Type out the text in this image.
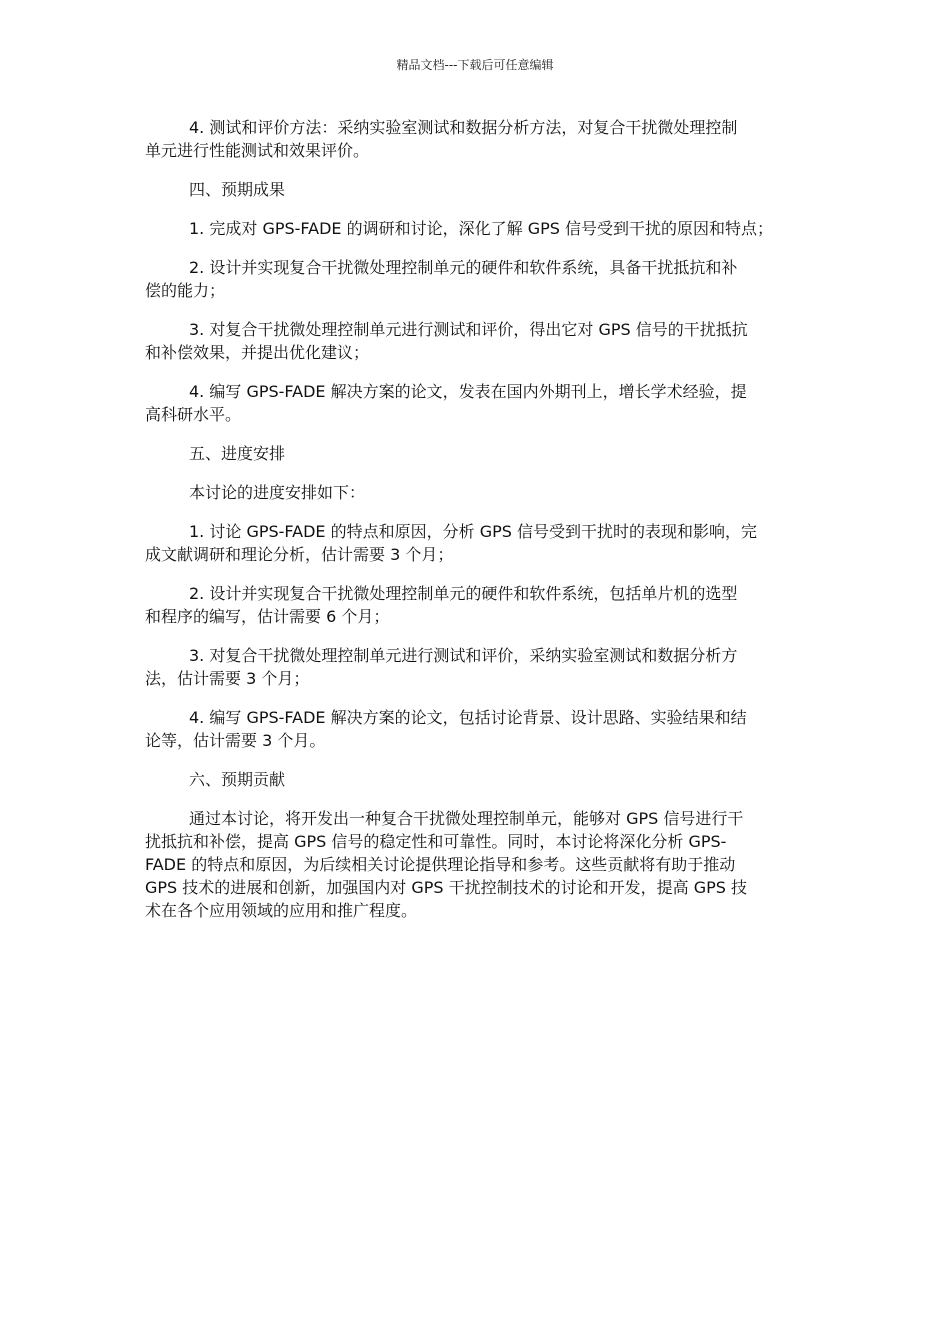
精品文档---下载后可任意编辑

4. 测试和评价方法：采纳实验室测试和数据分析方法，对复合干扰微处理控制
单元进行性能测试和效果评价。

四、预期成果

1. 完成对 GPS-FADE 的调研和讨论，深化了解 GPS 信号受到干扰的原因和特点；

2. 设计并实现复合干扰微处理控制单元的硬件和软件系统，具备干扰抵抗和补
偿的能力；

3. 对复合干扰微处理控制单元进行测试和评价，得出它对 GPS 信号的干扰抵抗
和补偿效果，并提出优化建议；

4. 编写 GPS-FADE 解决方案的论文，发表在国内外期刊上，增长学术经验，提
高科研水平。

五、进度安排

本讨论的进度安排如下：

1. 讨论 GPS-FADE 的特点和原因，分析 GPS 信号受到干扰时的表现和影响，完
成文献调研和理论分析，估计需要 3 个月；

2. 设计并实现复合干扰微处理控制单元的硬件和软件系统，包括单片机的选型
和程序的编写，估计需要 6 个月；

3. 对复合干扰微处理控制单元进行测试和评价，采纳实验室测试和数据分析方
法，估计需要 3 个月；

4. 编写 GPS-FADE 解决方案的论文，包括讨论背景、设计思路、实验结果和结
论等，估计需要 3 个月。

六、预期贡献

通过本讨论，将开发出一种复合干扰微处理控制单元，能够对 GPS 信号进行干
扰抵抗和补偿，提高 GPS 信号的稳定性和可靠性。同时，本讨论将深化分析 GPS-
FADE 的特点和原因，为后续相关讨论提供理论指导和参考。这些贡献将有助于推动
GPS 技术的进展和创新，加强国内对 GPS 干扰控制技术的讨论和开发，提高 GPS 技
术在各个应用领域的应用和推广程度。
